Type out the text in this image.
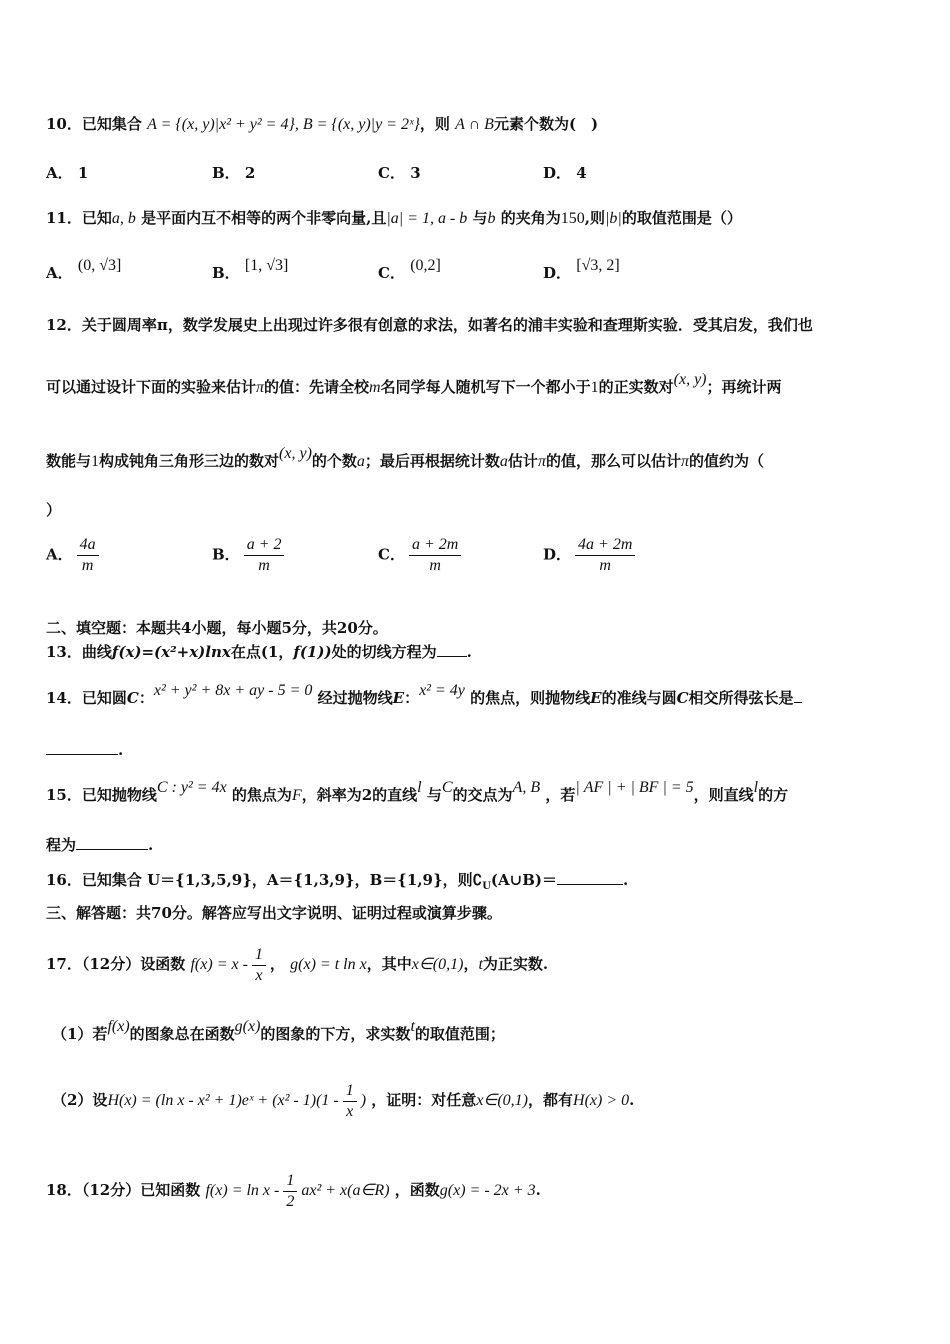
10．已知集合 A = {(x, y)|x² + y² = 4}, B = {(x, y)|y = 2ˣ}，则 A ∩ B元素个数为(　)
A． 1	B． 2	C． 3	D． 4
11．已知a, b 是平面内互不相等的两个非零向量,且|a| = 1, a - b 与b 的夹角为150,则|b|的取值范围是（）
A． (0, √3]	B． [1, √3]	C． (0,2]	D． [√3, 2]
12．关于圆周率π，数学发展史上出现过许多很有创意的求法，如著名的浦丰实验和查理斯实验．受其启发，我们也
可以通过设计下面的实验来估计π的值：先请全校m名同学每人随机写下一个都小于1的正实数对(x, y)；再统计两
数能与1构成钝角三角形三边的数对(x, y)的个数a；最后再根据统计数a估计π的值，那么可以估计π的值约为（
）
A． $\frac{4a}{m}$	B． $\frac{a + 2}{m}$	C． $\frac{a + 2m}{m}$	D． $\frac{4a + 2m}{m}$
二、填空题：本题共4小题，每小题5分，共20分。
13．曲线f(x)=(x²+x)lnx在点(1，f(1))处的切线方程为 .
14．已知圆C：x² + y² + 8x + ay - 5 = 0 经过抛物线E：x² = 4y 的焦点，则抛物线E的准线与圆C相交所得弦长是
.
15．已知抛物线C : y² = 4x 的焦点为F，斜率为2的直线l 与C的交点为A, B ，若| AF | + | BF | = 5，则直线l的方
程为	.
16．已知集合 U＝{1,3,5,9}，A＝{1,3,9}，B＝{1,9}，则$∁_U(A\cup B)=$	.
三、解答题：共70分。解答应写出文字说明、证明过程或演算步骤。
17．（12分）设函数 $f(x) = x - \frac{1}{x}$ ， g(x) = t ln x，其中x∈(0,1)，t为正实数.
（1）若f(x)的图象总在函数g(x)的图象的下方，求实数t的取值范围；
（2）设H(x) = (ln x - x² + 1)eˣ + $(x^2 - 1)(1 - \frac{1}{x}$ ) ，证明：对任意x∈(0,1)，都有H(x) > 0.
18．（12分）已知函数 $f(x) = \ln x - \frac{1}{2} ax^2$ + x(a∈R) ，函数g(x) = - 2x + 3.
